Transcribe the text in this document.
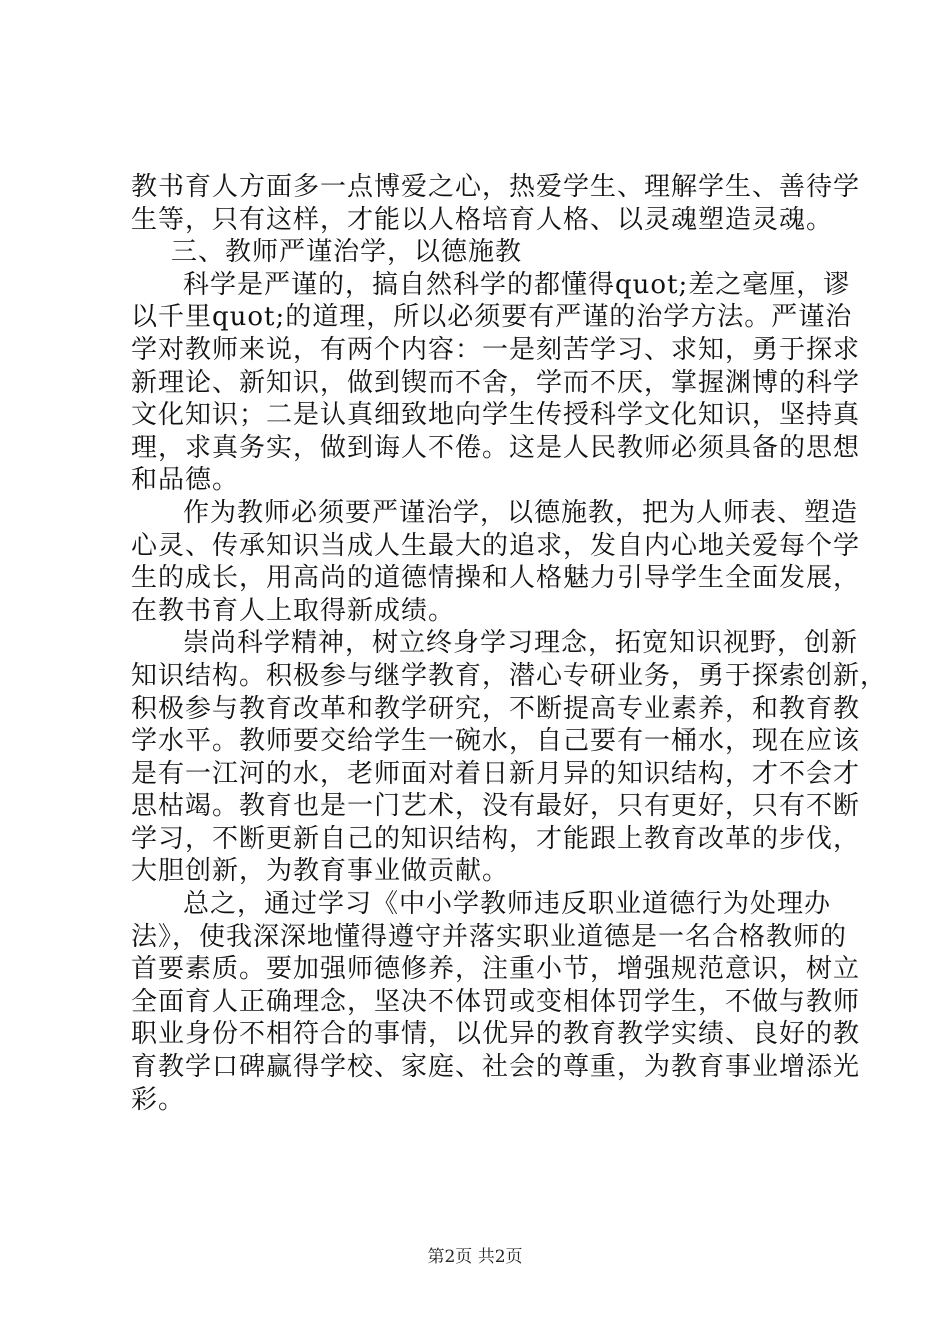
教书育人方面多一点博爱之心，热爱学生、理解学生、善待学
生等，只有这样，才能以人格培育人格、以灵魂塑造灵魂。
三、教师严谨治学，以德施教
科学是严谨的，搞自然科学的都懂得quot;差之毫厘，谬
以千里quot;的道理，所以必须要有严谨的治学方法。严谨治
学对教师来说，有两个内容：一是刻苦学习、求知，勇于探求
新理论、新知识，做到锲而不舍，学而不厌，掌握渊博的科学
文化知识；二是认真细致地向学生传授科学文化知识，坚持真
理，求真务实，做到诲人不倦。这是人民教师必须具备的思想
和品德。
作为教师必须要严谨治学，以德施教，把为人师表、塑造
心灵、传承知识当成人生最大的追求，发自内心地关爱每个学
生的成长，用高尚的道德情操和人格魅力引导学生全面发展，
在教书育人上取得新成绩。
崇尚科学精神，树立终身学习理念，拓宽知识视野，创新
知识结构。积极参与继学教育，潜心专研业务，勇于探索创新，
积极参与教育改革和教学研究，不断提高专业素养，和教育教
学水平。教师要交给学生一碗水，自己要有一桶水，现在应该
是有一江河的水，老师面对着日新月异的知识结构，才不会才
思枯竭。教育也是一门艺术，没有最好，只有更好，只有不断
学习，不断更新自己的知识结构，才能跟上教育改革的步伐，
大胆创新，为教育事业做贡献。
总之，通过学习《中小学教师违反职业道德行为处理办
法》，使我深深地懂得遵守并落实职业道德是一名合格教师的
首要素质。要加强师德修养，注重小节，增强规范意识，树立
全面育人正确理念，坚决不体罚或变相体罚学生，不做与教师
职业身份不相符合的事情，以优异的教育教学实绩、良好的教
育教学口碑赢得学校、家庭、社会的尊重，为教育事业增添光
彩。
第2页 共2页
